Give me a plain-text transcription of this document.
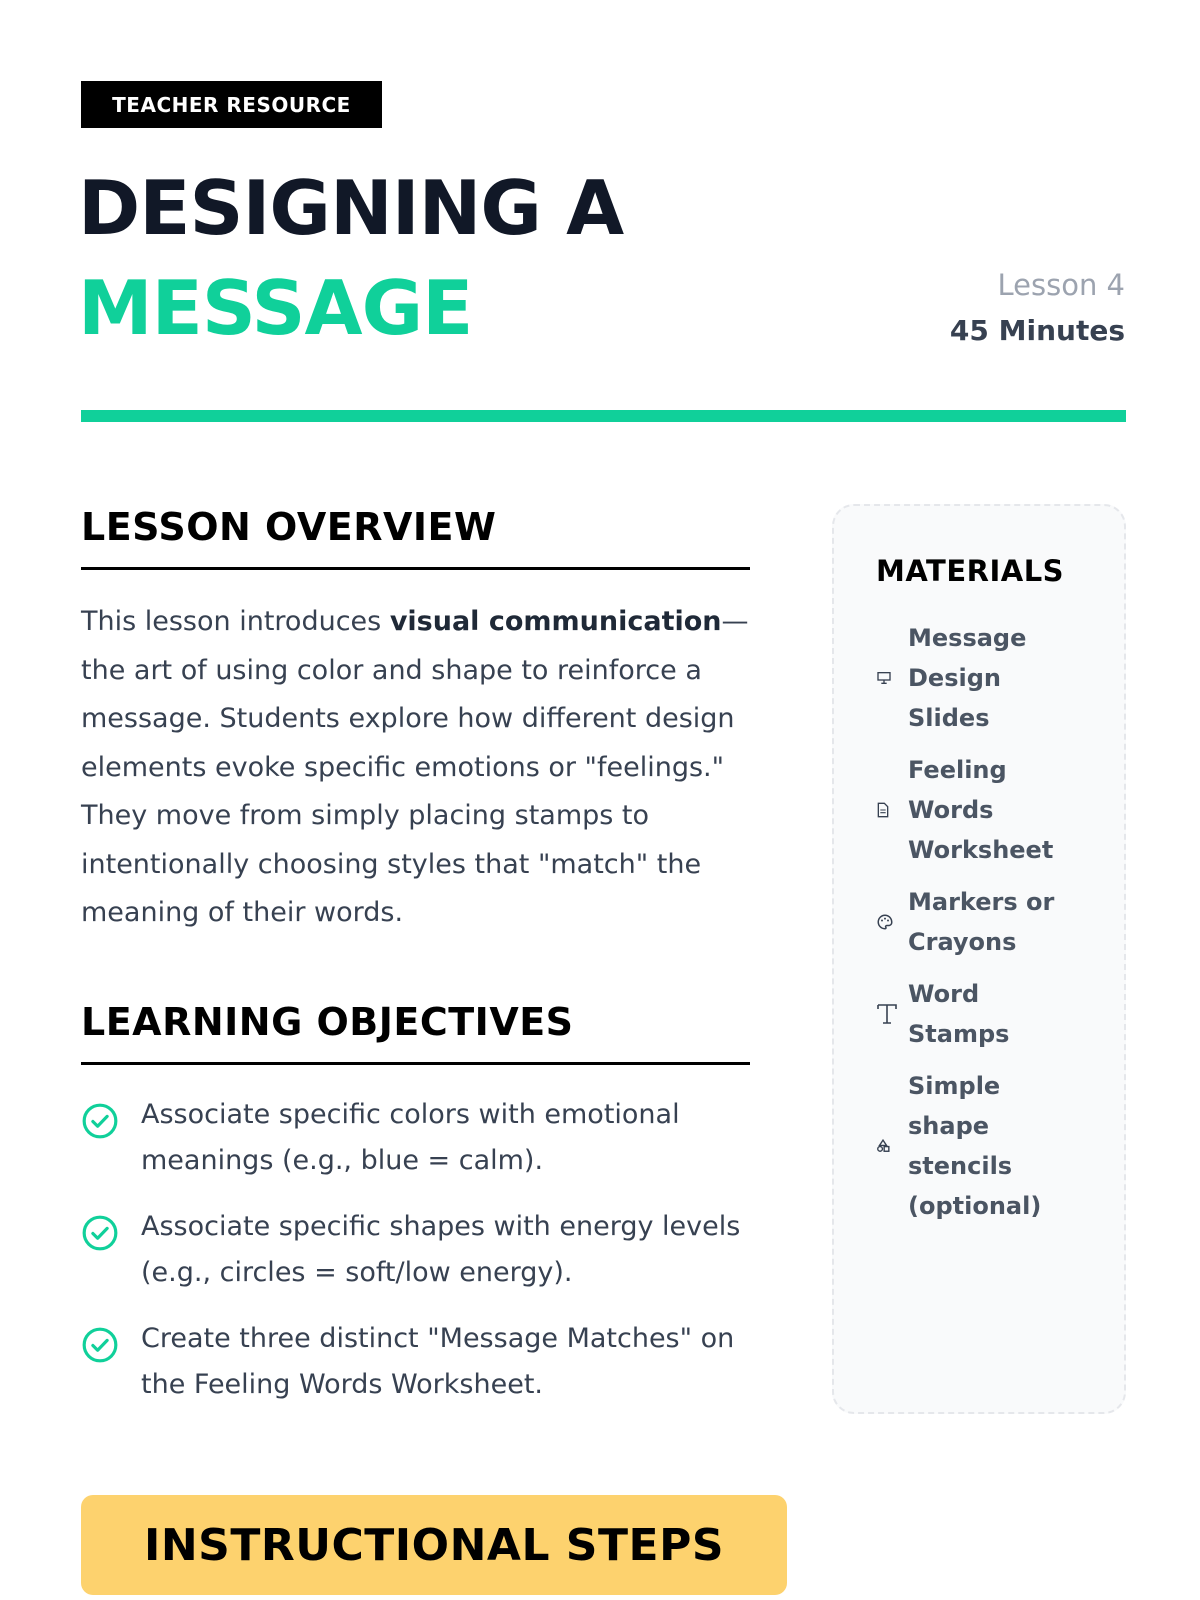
TEACHER RESOURCE
DESIGNING A
MESSAGE	Lesson 4
45 Minutes
LESSON OVERVIEW

This lesson introduces visual communication—the art of using color and shape to reinforce a message. Students explore how different design elements evoke specific emotions or "feelings." They move from simply placing stamps to intentionally choosing styles that "match" the meaning of their words.

LEARNING OBJECTIVES
Associate specific colors with emotional meanings (e.g., blue = calm).
Associate specific shapes with energy levels (e.g., circles = soft/low energy).
Create three distinct "Message Matches" on the Feeling Words Worksheet.
MATERIALS
Message Design Slides
Feeling Words Worksheet
Markers or Crayons
Word Stamps
Simple shape stencils (optional)
INSTRUCTIONAL STEPS
